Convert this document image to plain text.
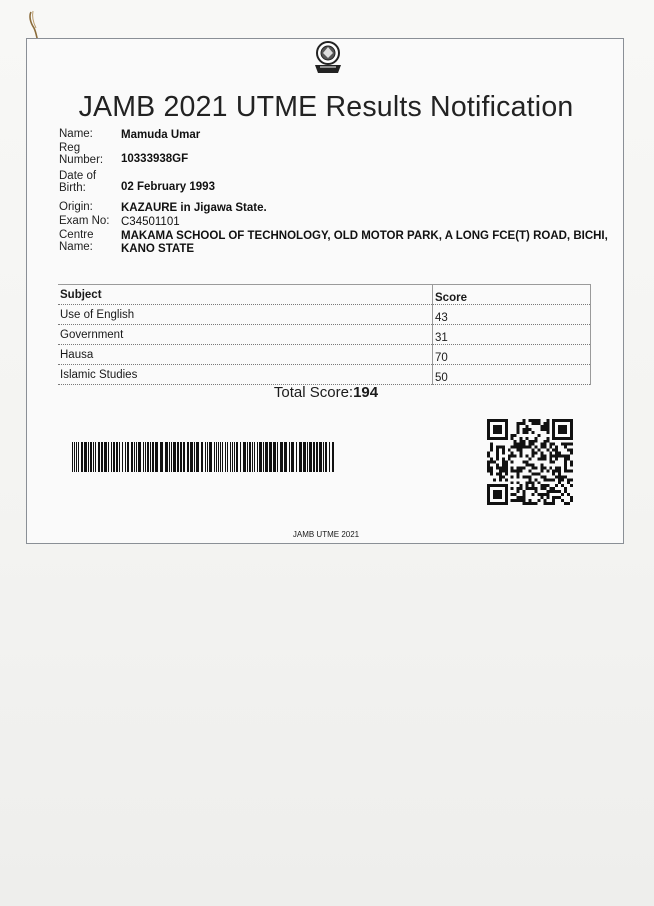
JAMB 2021 UTME Results Notification
Name:	Mamuda Umar
Reg
Number:	10333938GF
Date of
Birth:	02 February 1993
Origin:	KAZAURE in Jigawa State.
Exam No:	C34501101
Centre
Name:
MAKAMA SCHOOL OF TECHNOLOGY, OLD MOTOR PARK, A LONG FCE(T) ROAD, BICHI,
KANO STATE
Subject	Score
Use of English	43
Government	31
Hausa	70
Islamic Studies	50
Total Score:194
JAMB UTME 2021
